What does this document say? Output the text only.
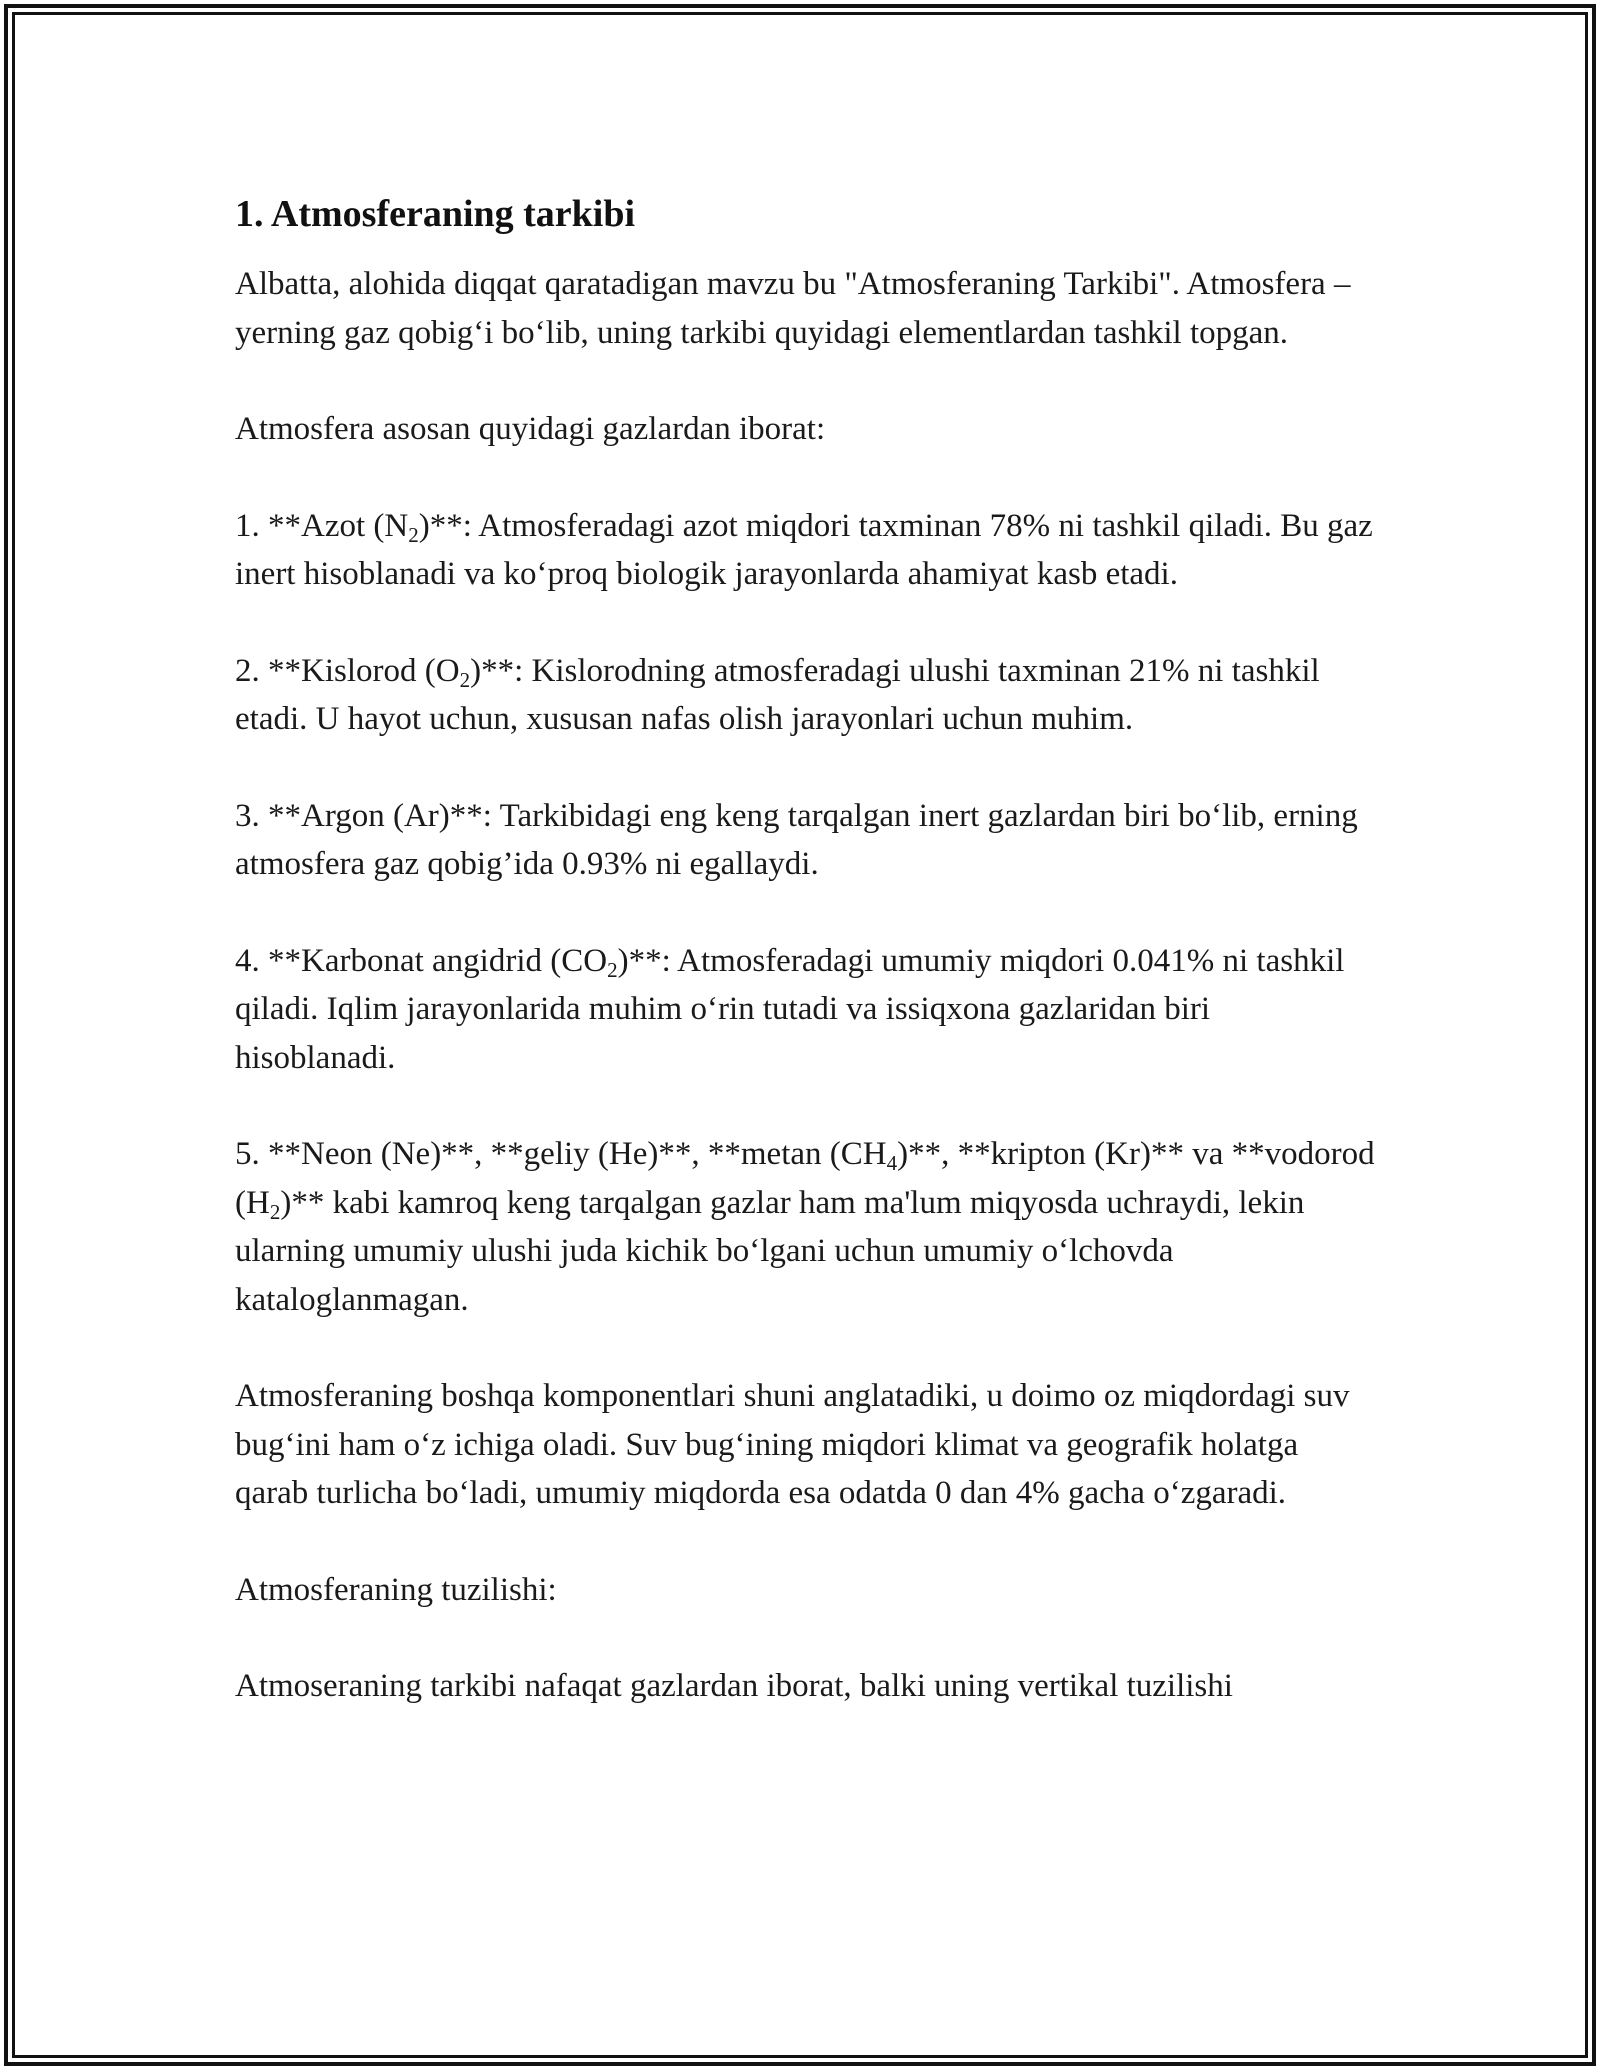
1. Atmosferaning tarkibi

Albatta, alohida diqqat qaratadigan mavzu bu "Atmosferaning Tarkibi". Atmosfera – yerning gaz qobig‘i bo‘lib, uning tarkibi quyidagi elementlardan tashkil topgan.

Atmosfera asosan quyidagi gazlardan iborat:

1. **Azot $(N_2)**$: Atmosferadagi azot miqdori taxminan 78% ni tashkil qiladi. Bu gaz inert hisoblanadi va ko‘proq biologik jarayonlarda ahamiyat kasb etadi.

2. **Kislorod $(O_2)**$: Kislorodning atmosferadagi ulushi taxminan 21% ni tashkil etadi. U hayot uchun, xususan nafas olish jarayonlari uchun muhim.

3. **Argon (Ar)**: Tarkibidagi eng keng tarqalgan inert gazlardan biri bo‘lib, erning atmosfera gaz qobig’ida 0.93% ni egallaydi.

4. **Karbonat angidrid $(CO_2)**$: Atmosferadagi umumiy miqdori 0.041% ni tashkil qiladi. Iqlim jarayonlarida muhim o‘rin tutadi va issiqxona gazlaridan biri hisoblanadi.

5. **Neon (Ne)**, **geliy (He)**, **metan $(CH_4)**$, **kripton (Kr)** va **vodorod $(H_2)**$ kabi kamroq keng tarqalgan gazlar ham ma'lum miqyosda uchraydi, lekin ularning umumiy ulushi juda kichik bo‘lgani uchun umumiy o‘lchovda kataloglanmagan.

Atmosferaning boshqa komponentlari shuni anglatadiki, u doimo oz miqdordagi suv bug‘ini ham o‘z ichiga oladi. Suv bug‘ining miqdori klimat va geografik holatga qarab turlicha bo‘ladi, umumiy miqdorda esa odatda 0 dan 4% gacha o‘zgaradi.

Atmosferaning tuzilishi:

Atmoseraning tarkibi nafaqat gazlardan iborat, balki uning vertikal tuzilishi
